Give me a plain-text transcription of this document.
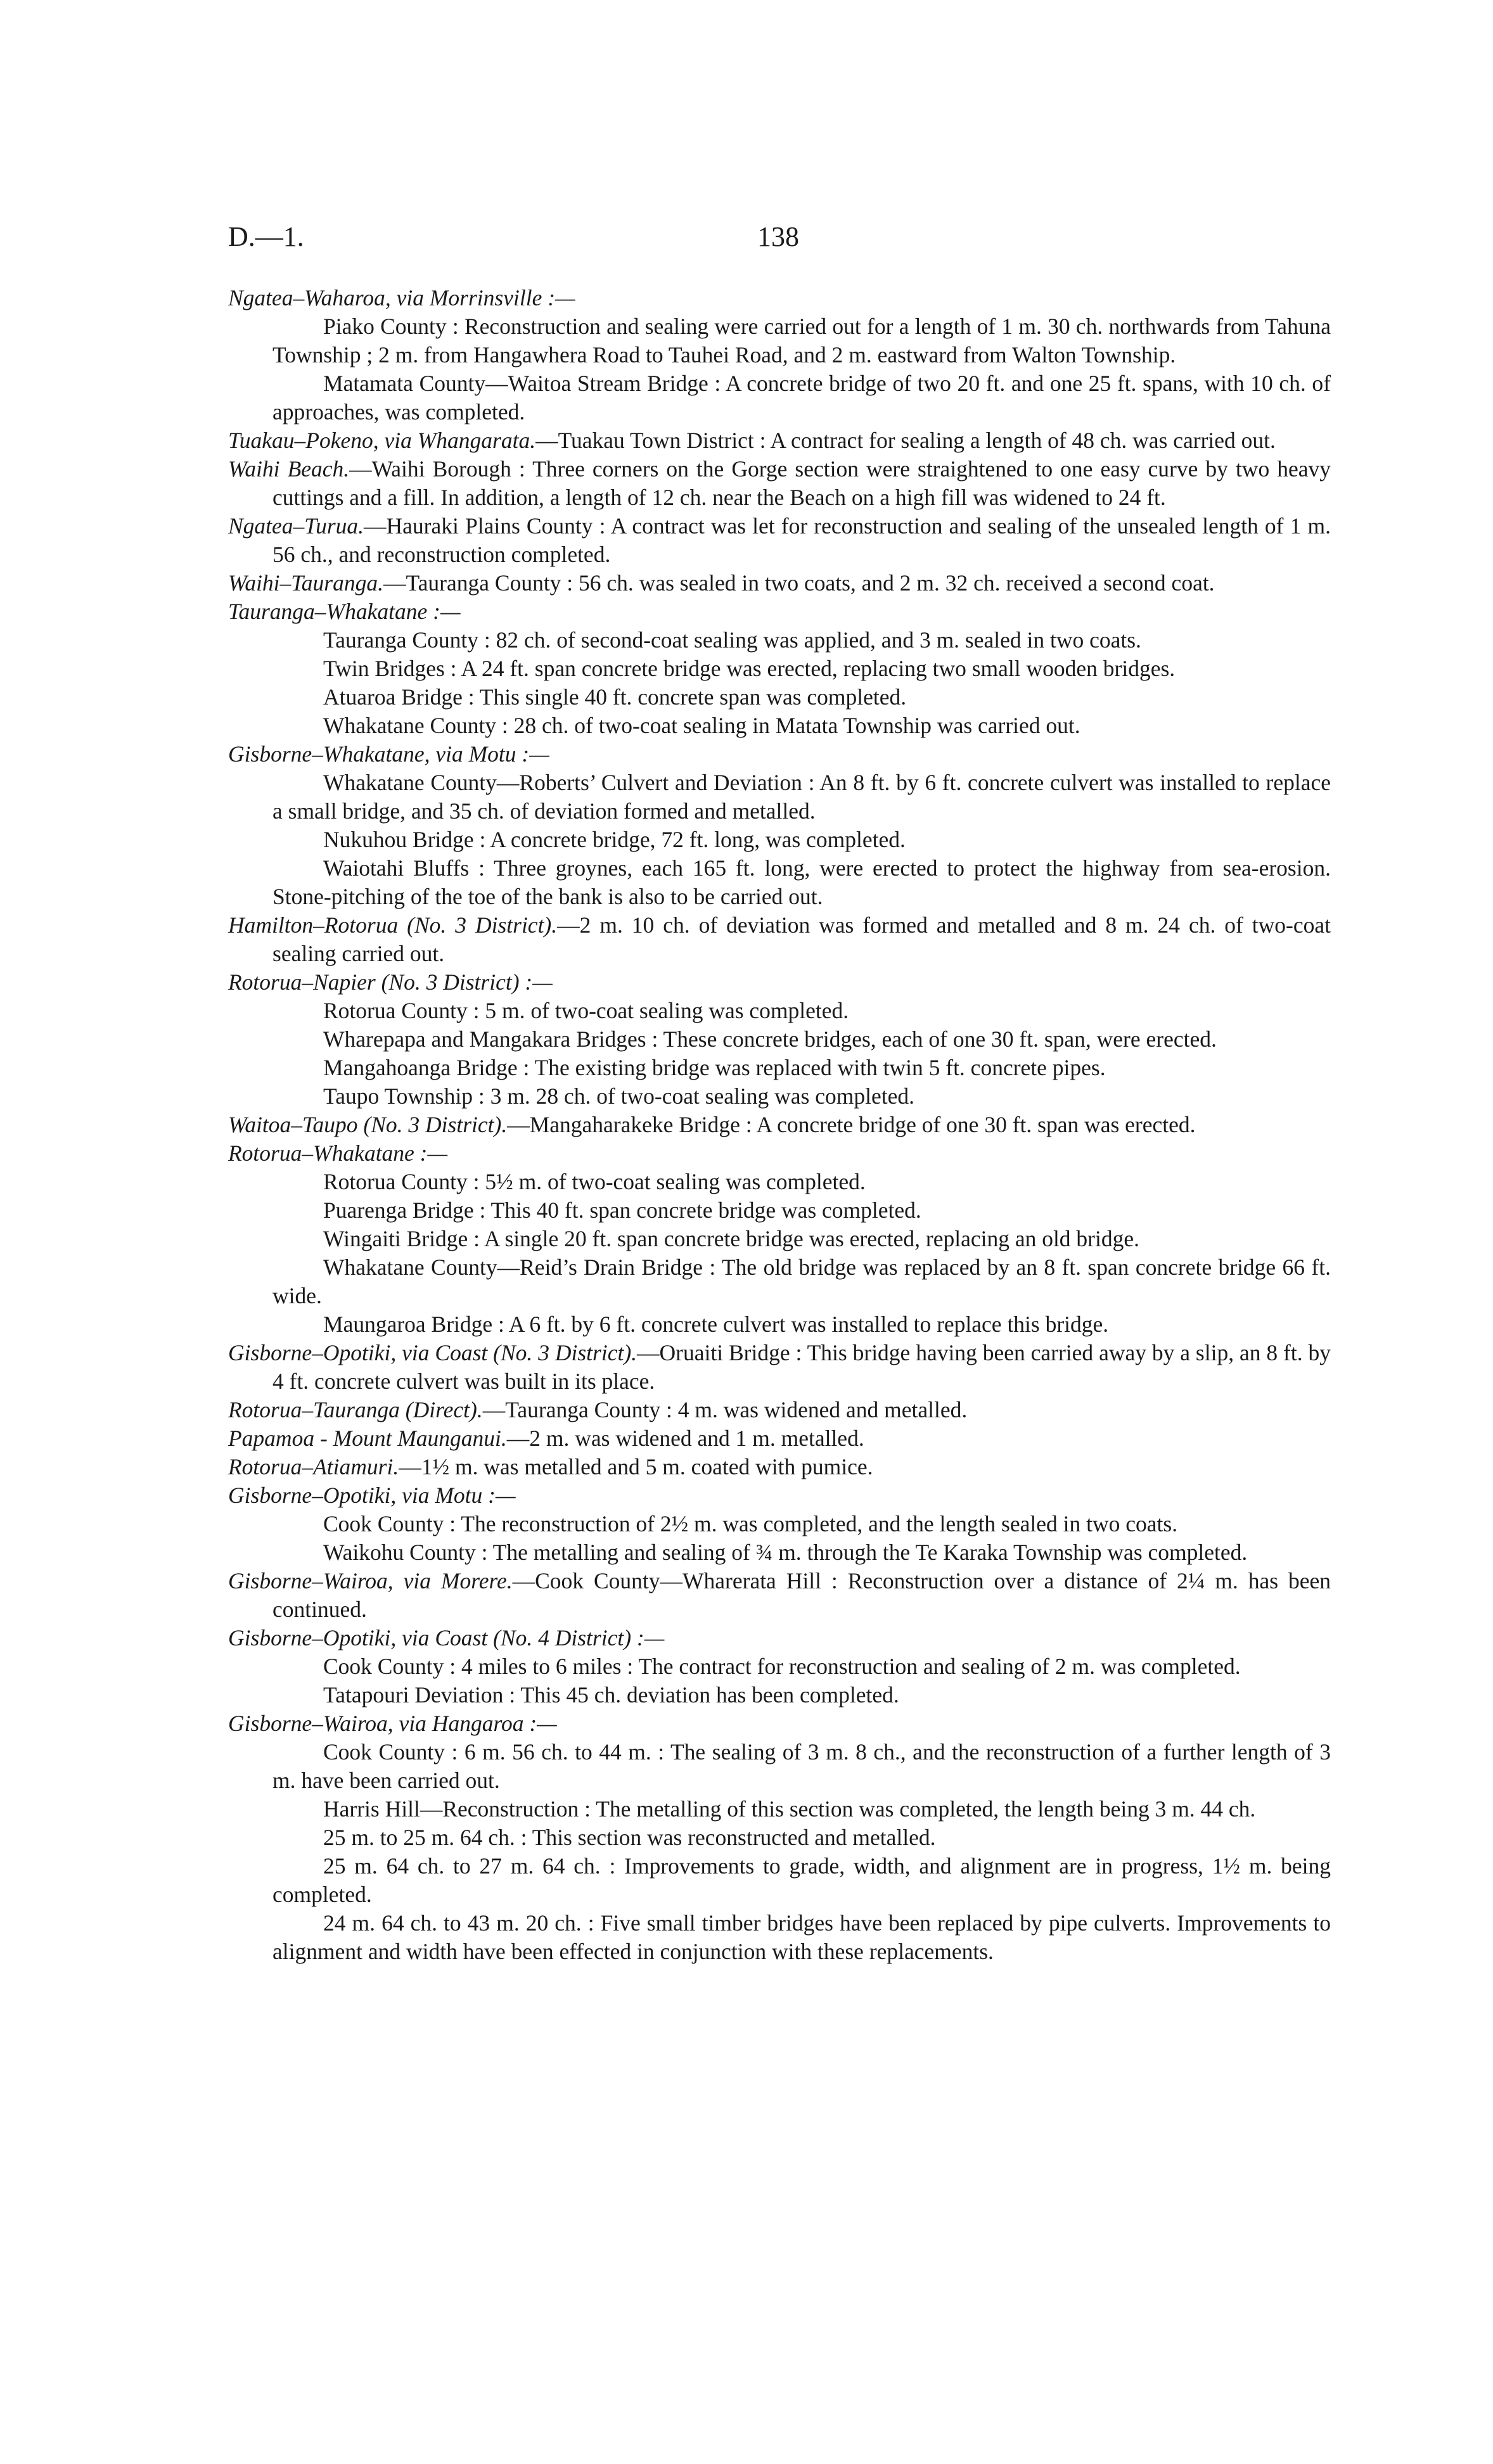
D.—1.	138

Ngatea–Waharoa, via Morrinsville :—

Piako County : Reconstruction and sealing were carried out for a length of 1 m. 30 ch. northwards from Tahuna Township ; 2 m. from Hangawhera Road to Tauhei Road, and 2 m. eastward from Walton Township.

Matamata County—Waitoa Stream Bridge : A concrete bridge of two 20 ft. and one 25 ft. spans, with 10 ch. of approaches, was completed.

Tuakau–Pokeno, via Whangarata.—Tuakau Town District : A contract for sealing a length of 48 ch. was carried out.

Waihi Beach.—Waihi Borough : Three corners on the Gorge section were straightened to one easy curve by two heavy cuttings and a fill. In addition, a length of 12 ch. near the Beach on a high fill was widened to 24 ft.

Ngatea–Turua.—Hauraki Plains County : A contract was let for reconstruction and sealing of the unsealed length of 1 m. 56 ch., and reconstruction completed.

Waihi–Tauranga.—Tauranga County : 56 ch. was sealed in two coats, and 2 m. 32 ch. received a second coat.

Tauranga–Whakatane :—

Tauranga County : 82 ch. of second-coat sealing was applied, and 3 m. sealed in two coats.

Twin Bridges : A 24 ft. span concrete bridge was erected, replacing two small wooden bridges.

Atuaroa Bridge : This single 40 ft. concrete span was completed.

Whakatane County : 28 ch. of two-coat sealing in Matata Township was carried out.

Gisborne–Whakatane, via Motu :—

Whakatane County—Roberts’ Culvert and Deviation : An 8 ft. by 6 ft. concrete culvert was installed to replace a small bridge, and 35 ch. of deviation formed and metalled.

Nukuhou Bridge : A concrete bridge, 72 ft. long, was completed.

Waiotahi Bluffs : Three groynes, each 165 ft. long, were erected to protect the highway from sea-erosion. Stone-pitching of the toe of the bank is also to be carried out.

Hamilton–Rotorua (No. 3 District).—2 m. 10 ch. of deviation was formed and metalled and 8 m. 24 ch. of two-coat sealing carried out.

Rotorua–Napier (No. 3 District) :—

Rotorua County : 5 m. of two-coat sealing was completed.

Wharepapa and Mangakara Bridges : These concrete bridges, each of one 30 ft. span, were erected.

Mangahoanga Bridge : The existing bridge was replaced with twin 5 ft. concrete pipes.

Taupo Township : 3 m. 28 ch. of two-coat sealing was completed.

Waitoa–Taupo (No. 3 District).—Mangaharakeke Bridge : A concrete bridge of one 30 ft. span was erected.

Rotorua–Whakatane :—

Rotorua County : 5½ m. of two-coat sealing was completed.

Puarenga Bridge : This 40 ft. span concrete bridge was completed.

Wingaiti Bridge : A single 20 ft. span concrete bridge was erected, replacing an old bridge.

Whakatane County—Reid’s Drain Bridge : The old bridge was replaced by an 8 ft. span concrete bridge 66 ft. wide.

Maungaroa Bridge : A 6 ft. by 6 ft. concrete culvert was installed to replace this bridge.

Gisborne–Opotiki, via Coast (No. 3 District).—Oruaiti Bridge : This bridge having been carried away by a slip, an 8 ft. by 4 ft. concrete culvert was built in its place.

Rotorua–Tauranga (Direct).—Tauranga County : 4 m. was widened and metalled.

Papamoa - Mount Maunganui.—2 m. was widened and 1 m. metalled.

Rotorua–Atiamuri.—1½ m. was metalled and 5 m. coated with pumice.

Gisborne–Opotiki, via Motu :—

Cook County : The reconstruction of 2½ m. was completed, and the length sealed in two coats.

Waikohu County : The metalling and sealing of ¾ m. through the Te Karaka Township was completed.

Gisborne–Wairoa, via Morere.—Cook County—Wharerata Hill : Reconstruction over a distance of 2¼ m. has been continued.

Gisborne–Opotiki, via Coast (No. 4 District) :—

Cook County : 4 miles to 6 miles : The contract for reconstruction and sealing of 2 m. was completed.

Tatapouri Deviation : This 45 ch. deviation has been completed.

Gisborne–Wairoa, via Hangaroa :—

Cook County : 6 m. 56 ch. to 44 m. : The sealing of 3 m. 8 ch., and the reconstruction of a further length of 3 m. have been carried out.

Harris Hill—Reconstruction : The metalling of this section was completed, the length being 3 m. 44 ch.

25 m. to 25 m. 64 ch. : This section was reconstructed and metalled.

25 m. 64 ch. to 27 m. 64 ch. : Improvements to grade, width, and alignment are in progress, 1½ m. being completed.

24 m. 64 ch. to 43 m. 20 ch. : Five small timber bridges have been replaced by pipe culverts. Improvements to alignment and width have been effected in conjunction with these replacements.
